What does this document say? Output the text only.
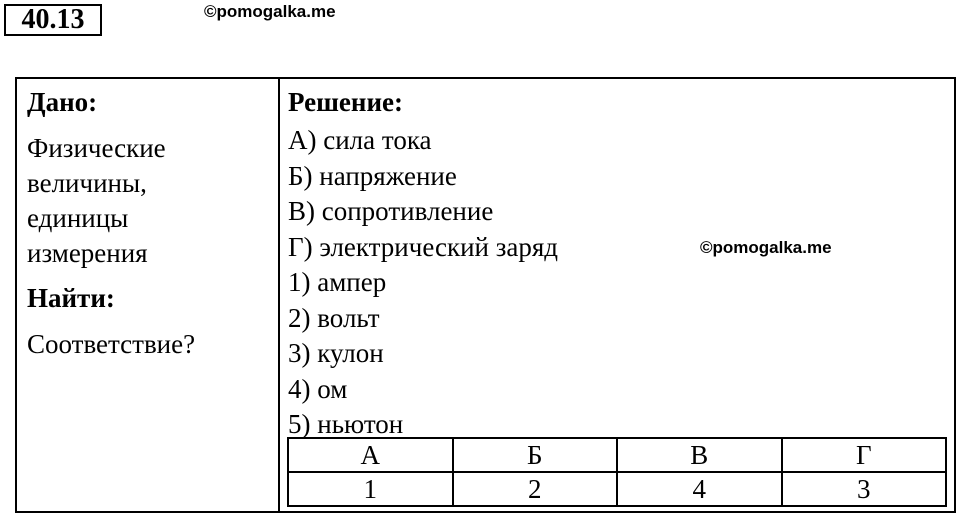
40.13	©pomogalka.me
Дано:
Физические
величины,
единицы
измерения
Найти:
Соответствие?
Решение:
А) сила тока
Б) напряжение
В) сопротивление
Г) электрический заряд
1) ампер
2) вольт
3) кулон
4) ом
5) ньютон
А	Б	В	Г
1	2	4	3
©pomogalka.me
